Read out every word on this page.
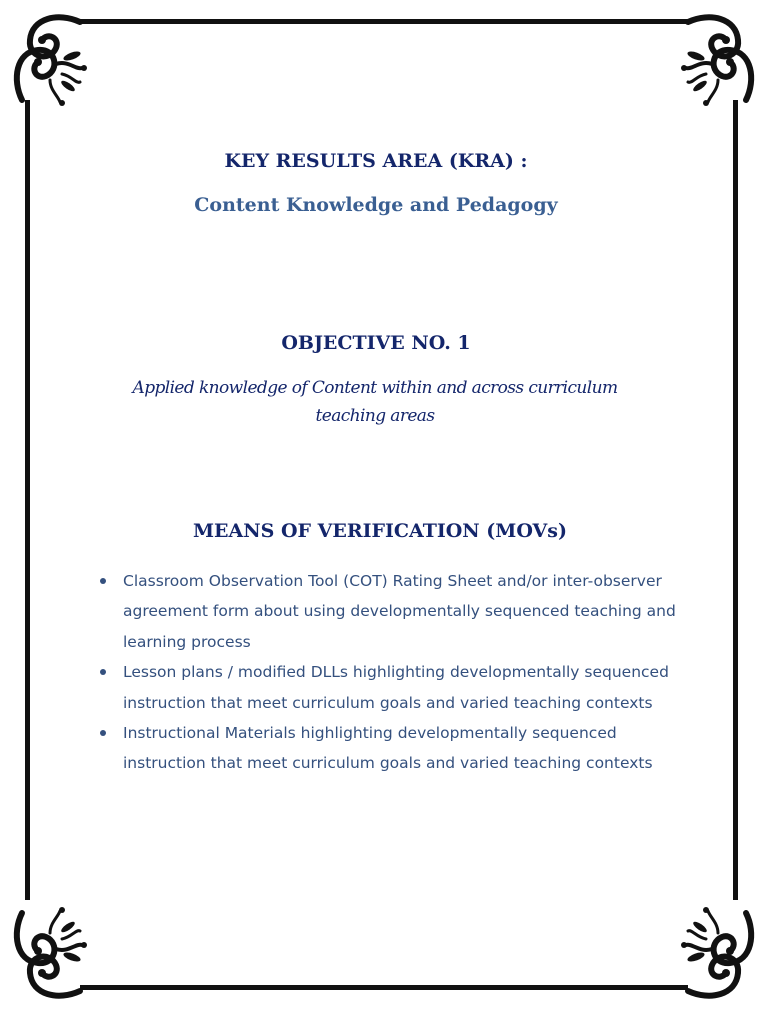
KEY RESULTS AREA (KRA) :
Content Knowledge and Pedagogy
OBJECTIVE NO. 1
Applied knowledge of Content within and across curriculum teaching areas
MEANS OF VERIFICATION (MOVs)
Classroom Observation Tool (COT) Rating Sheet and/or inter-observer agreement form about using developmentally sequenced teaching and learning process
Lesson plans / modified DLLs highlighting developmentally sequenced instruction that meet curriculum goals and varied teaching contexts
Instructional Materials highlighting developmentally sequenced instruction that meet curriculum goals and varied teaching contexts
